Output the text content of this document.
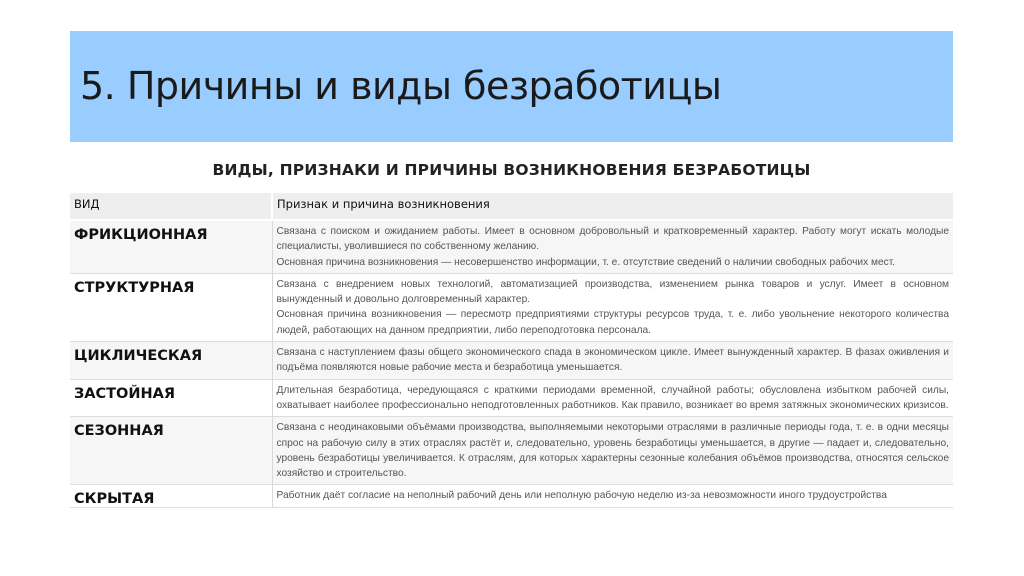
5. Причины и виды безработицы
ВИДЫ, ПРИЗНАКИ И ПРИЧИНЫ ВОЗНИКНОВЕНИЯ БЕЗРАБОТИЦЫ
ВИД	Признак и причина возникновения
ФРИКЦИОННАЯ	Связана с поиском и ожиданием работы. Имеет в основном добровольный и кратковременный характер. Работу могут искать молодые специалисты, уволившиеся по собственному желанию.

Основная причина возникновения — несовершенство информации, т. е. отсутствие сведений о наличии свободных рабочих мест.

СТРУКТУРНАЯ	Связана с внедрением новых технологий, автоматизацией производства, изменением рынка товаров и услуг. Имеет в основном вынужденный и довольно долговременный характер.

Основная причина возникновения — пересмотр предприятиями структуры ресурсов труда, т. е. либо увольнение некоторого количества людей, работающих на данном предприятии, либо переподготовка персонала.

ЦИКЛИЧЕСКАЯ	Связана с наступлением фазы общего экономического спада в экономическом цикле. Имеет вынужденный характер. В фазах оживления и подъёма появляются новые рабочие места и безработица уменьшается.

ЗАСТОЙНАЯ	Длительная безработица, чередующаяся с краткими периодами временной, случайной работы; обусловлена избытком рабочей силы, охватывает наиболее профессионально неподготовленных работников. Как правило, возникает во время затяжных экономических кризисов.

СЕЗОННАЯ	Связана с неодинаковыми объёмами производства, выполняемыми некоторыми отраслями в различные периоды года, т. е. в одни месяцы спрос на рабочую силу в этих отраслях растёт и, следовательно, уровень безработицы уменьшается, в другие — падает и, следовательно, уровень безработицы увеличивается. К отраслям, для которых характерны сезонные колебания объёмов производства, относятся сельское хозяйство и строительство.

СКРЫТАЯ	Работник даёт согласие на неполный рабочий день или неполную рабочую неделю из-за невозможности иного трудоустройства
